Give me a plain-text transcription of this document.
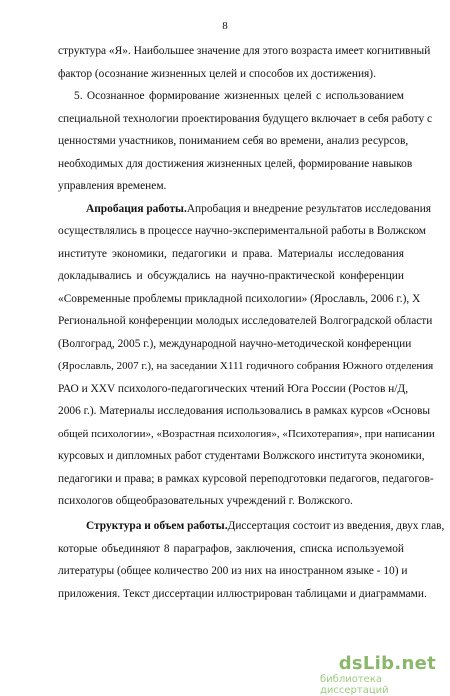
8
структура «Я». Наибольшее значение для этого возраста имеет когнитивный
фактор (осознание жизненных целей и способов их достижения).
5. Осознанное формирование жизненных целей с использованием
специальной технологии проектирования будущего включает в себя работу с
ценностями участников, пониманием себя во времени, анализ ресурсов,
необходимых для достижения жизненных целей, формирование навыков
управления временем.
Апробация работы. Апробация и внедрение результатов исследования
осуществлялись в процессе научно-экспериментальной работы в Волжском
институте экономики, педагогики и права. Материалы исследования
докладывались и обсуждались на научно-практической конференции
«Современные проблемы прикладной психологии» (Ярославль, 2006 г.), X
Региональной конференции молодых исследователей Волгоградской области
(Волгоград, 2005 г.), международной научно-методической конференции
(Ярославль, 2007 г.), на заседании Х111 годичного собрания Южного отделения
РАО и XXV психолого-педагогических чтений Юга России (Ростов н/Д,
2006 г.). Материалы исследования использовались в рамках курсов «Основы
общей психологии», «Возрастная психология», «Психотерапия», при написании
курсовых и дипломных работ студентами Волжского института экономики,
педагогики и права; в рамках курсовой переподготовки педагогов, педагогов-
психологов общеобразовательных учреждений г. Волжского.
Структура и объем работы. Диссертация состоит из введения, двух глав,
которые объединяют 8 параграфов, заключения, списка используемой
литературы (общее количество 200 из них на иностранном языке - 10) и
приложения. Текст диссертации иллюстрирован таблицами и диаграммами.
dsLib.net
библиотека диссертаций
